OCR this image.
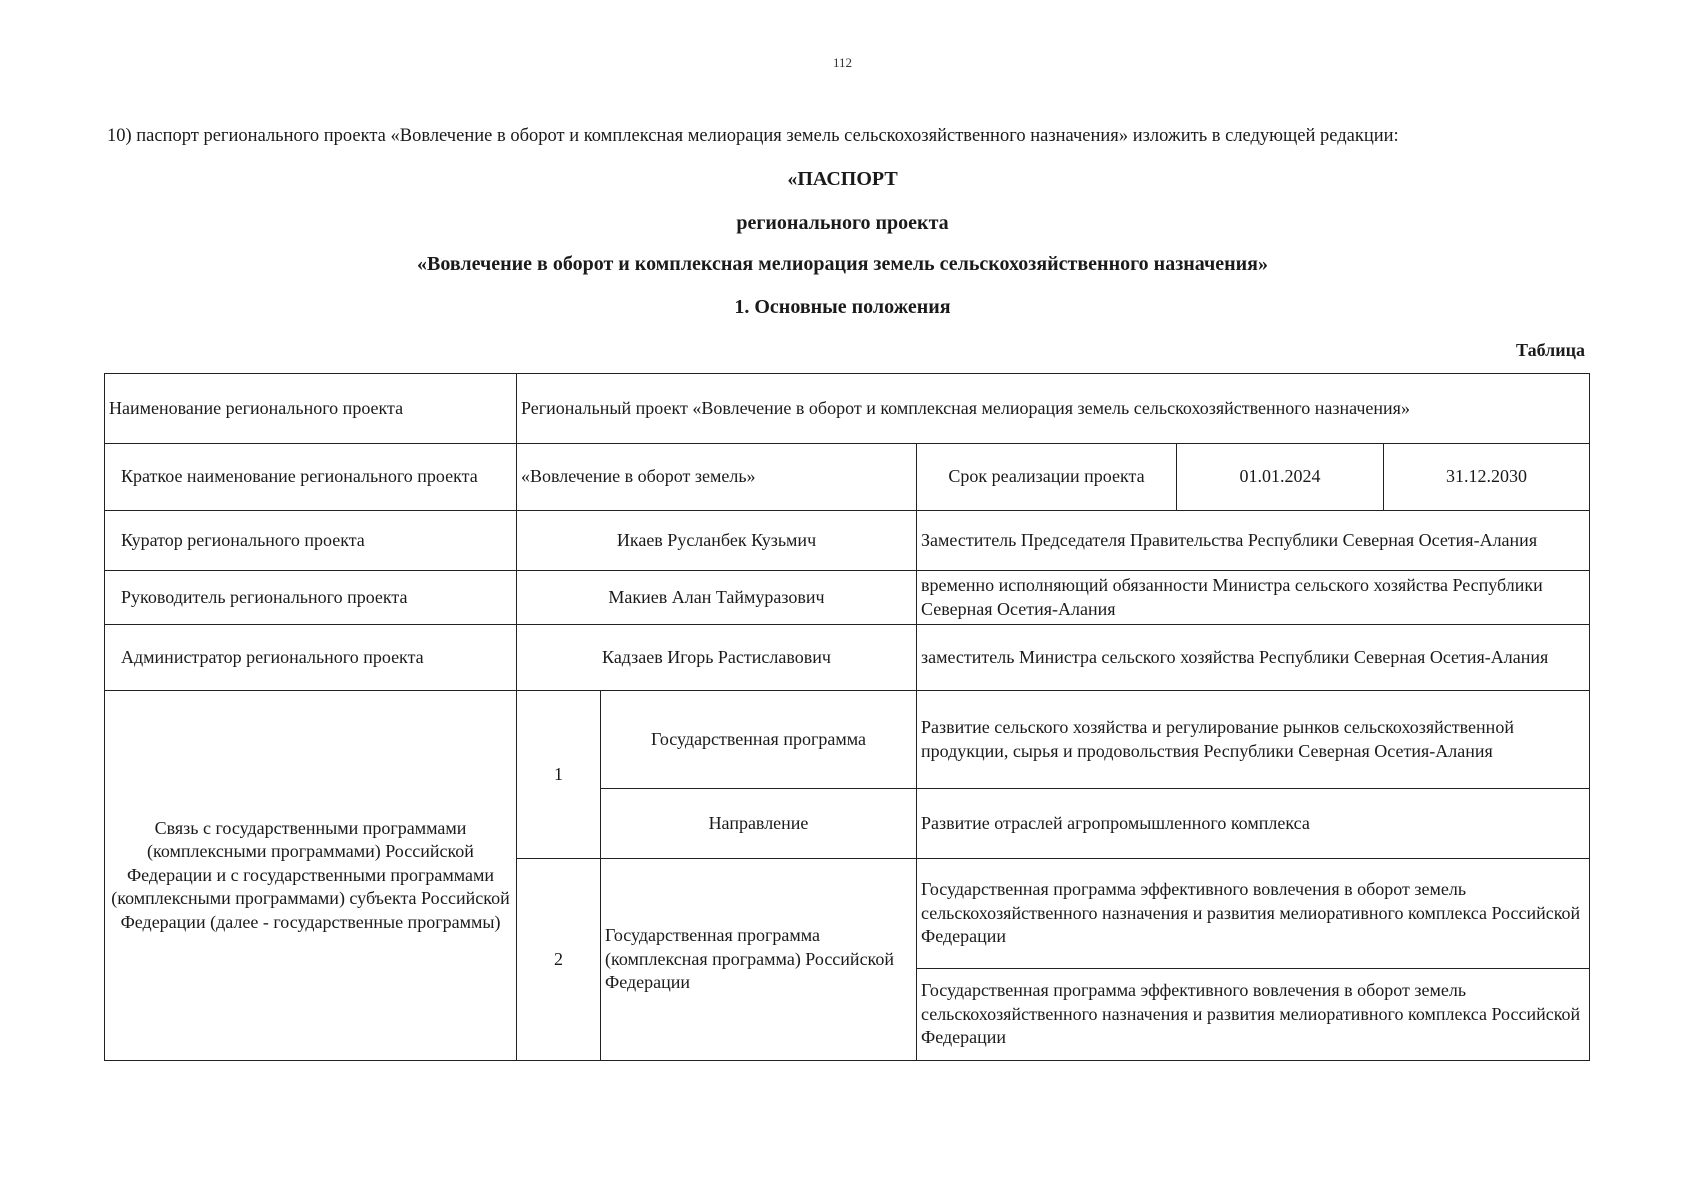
112
10) паспорт регионального проекта «Вовлечение в оборот и комплексная мелиорация земель сельскохозяйственного назначения» изложить в следующей редакции:
«ПАСПОРТ
регионального проекта
«Вовлечение в оборот и комплексная мелиорация земель сельскохозяйственного назначения»
1. Основные положения
Таблица
Наименование регионального проекта	Региональный проект «Вовлечение в оборот и комплексная мелиорация земель сельскохозяйственного назначения»				
Краткое наименование регионального проекта	«Вовлечение в оборот земель»		Срок реализации проекта	01.01.2024	31.12.2030
Куратор регионального проекта	Икаев Русланбек Кузьмич		Заместитель Председателя Правительства Республики Северная Осетия-Алания		
Руководитель регионального проекта	Макиев Алан Таймуразович		временно исполняющий обязанности Министра сельского хозяйства Республики Северная Осетия-Алания		
Администратор регионального проекта	Кадзаев Игорь Растиславович		заместитель Министра сельского хозяйства Республики Северная Осетия-Алания		
Связь с государственными программами (комплексными программами) Российской Федерации и с государственными программами (комплексными программами) субъекта Российской Федерации (далее - государственные программы)	1	Государственная программа	Развитие сельского хозяйства и регулирование рынков сельскохозяйственной продукции, сырья и продовольствия Республики Северная Осетия-Алания		
		Направление	Развитие отраслей агропромышленного комплекса		
	2	Государственная программа (комплексная программа) Российской Федерации	Государственная программа эффективного вовлечения в оборот земель сельскохозяйственного назначения и развития мелиоративного комплекса Российской Федерации		
			Государственная программа эффективного вовлечения в оборот земель сельскохозяйственного назначения и развития мелиоративного комплекса Российской Федерации		
